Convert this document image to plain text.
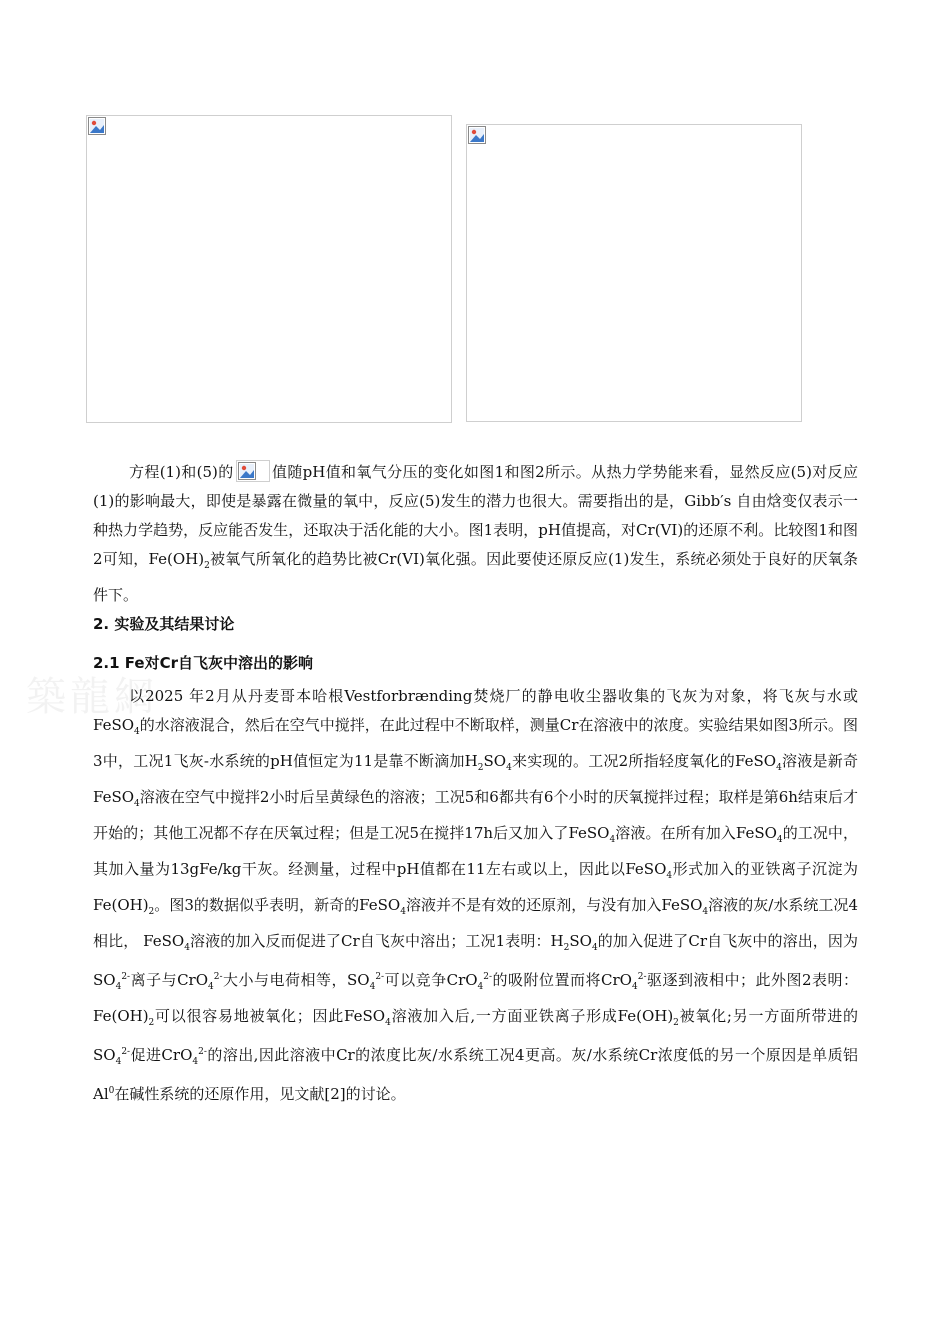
築龍網

方程(1)和(5)的	值随pH值和氧气分压的变化如图1和图2所示。从热力学势能来看，显然反应(5)对反应(1)的影响最大，即使是暴露在微量的氧中，反应(5)发生的潜力也很大。需要指出的是，Gibb′s 自由焓变仅表示一种热力学趋势，反应能否发生，还取决于活化能的大小。图1表明，pH值提高，对Cr(VI)的还原不利。比较图1和图2可知，$Fe(OH)_2$被氧气所氧化的趋势比被Cr(VI)氧化强。因此要使还原反应(1)发生，系统必须处于良好的厌氧条件下。

2. 实验及其结果讨论

2.1 Fe对Cr自飞灰中溶出的影响

以2025 年2月从丹麦哥本哈根Vestforbrænding焚烧厂的静电收尘器收集的飞灰为对象，将飞灰与水或 FeSO$_4$的水溶液混合，然后在空气中搅拌，在此过程中不断取样，测量Cr在溶液中的浓度。实验结果如图3所示。图3中，工况1飞灰-水系统的pH值恒定为11是靠不断滴加$H_2SO_4$来实现的。工况2所指轻度氧化的FeSO$_4$溶液是新奇FeSO$_4$溶液在空气中搅拌2小时后呈黄绿色的溶液；工况5和6都共有6个小时的厌氧搅拌过程；取样是第6h结束后才开始的；其他工况都不存在厌氧过程；但是工况5在搅拌17h后又加入了FeSO$_4$溶液。在所有加入FeSO$_4$的工况中，其加入量为13gFe/kg干灰。经测量，过程中pH值都在11左右或以上，因此以FeSO$_4$形式加入的亚铁离子沉淀为$Fe(OH)_2$。图3的数据似乎表明，新奇的FeSO$_4$溶液并不是有效的还原剂，与没有加入FeSO$_4$溶液的灰/水系统工况4相比， FeSO$_4$溶液的加入反而促进了Cr自飞灰中溶出；工况1表明：$H_2SO_4$的加入促进了Cr自飞灰中的溶出，因为$SO_4^{2-}$离子与CrO$_4^{2-}$大小与电荷相等，$SO_4^{2-}$可以竞争CrO$_4^{2-}$的吸附位置而将CrO$_4^{2-}$驱逐到液相中；此外图2表明：$Fe(OH)_2$可以很容易地被氧化；因此FeSO$_4$溶液加入后,一方面亚铁离子形成$Fe(OH)_2$被氧化;另一方面所带进的$SO_4^{2-}$促进CrO$_4^{2-}$的溶出,因此溶液中Cr的浓度比灰/水系统工况4更高。灰/水系统Cr浓度低的另一个原因是单质铝Al$^0$在碱性系统的还原作用，见文献[2]的讨论。
